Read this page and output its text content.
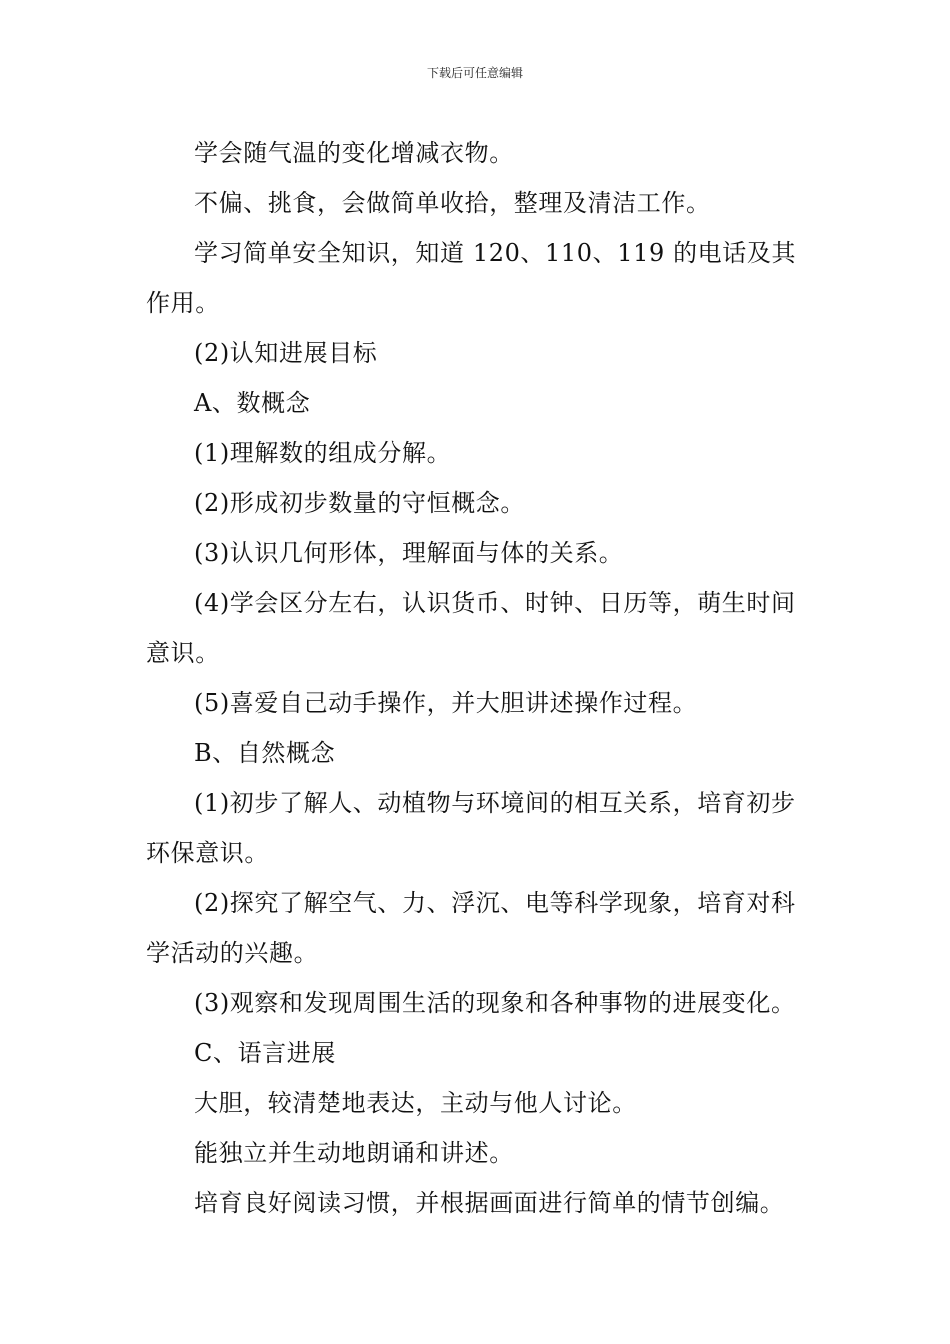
下载后可任意编辑

学会随气温的变化增减衣物。

不偏、挑食，会做简单收拾，整理及清洁工作。

学习简单安全知识，知道 120、110、119 的电话及其作用。

(2)认知进展目标

A、数概念

(1)理解数的组成分解。

(2)形成初步数量的守恒概念。

(3)认识几何形体，理解面与体的关系。

(4)学会区分左右，认识货币、时钟、日历等，萌生时间意识。

(5)喜爱自己动手操作，并大胆讲述操作过程。

B、自然概念

(1)初步了解人、动植物与环境间的相互关系，培育初步环保意识。

(2)探究了解空气、力、浮沉、电等科学现象，培育对科学活动的兴趣。

(3)观察和发现周围生活的现象和各种事物的进展变化。

C、语言进展

大胆，较清楚地表达，主动与他人讨论。

能独立并生动地朗诵和讲述。

培育良好阅读习惯，并根据画面进行简单的情节创编。
